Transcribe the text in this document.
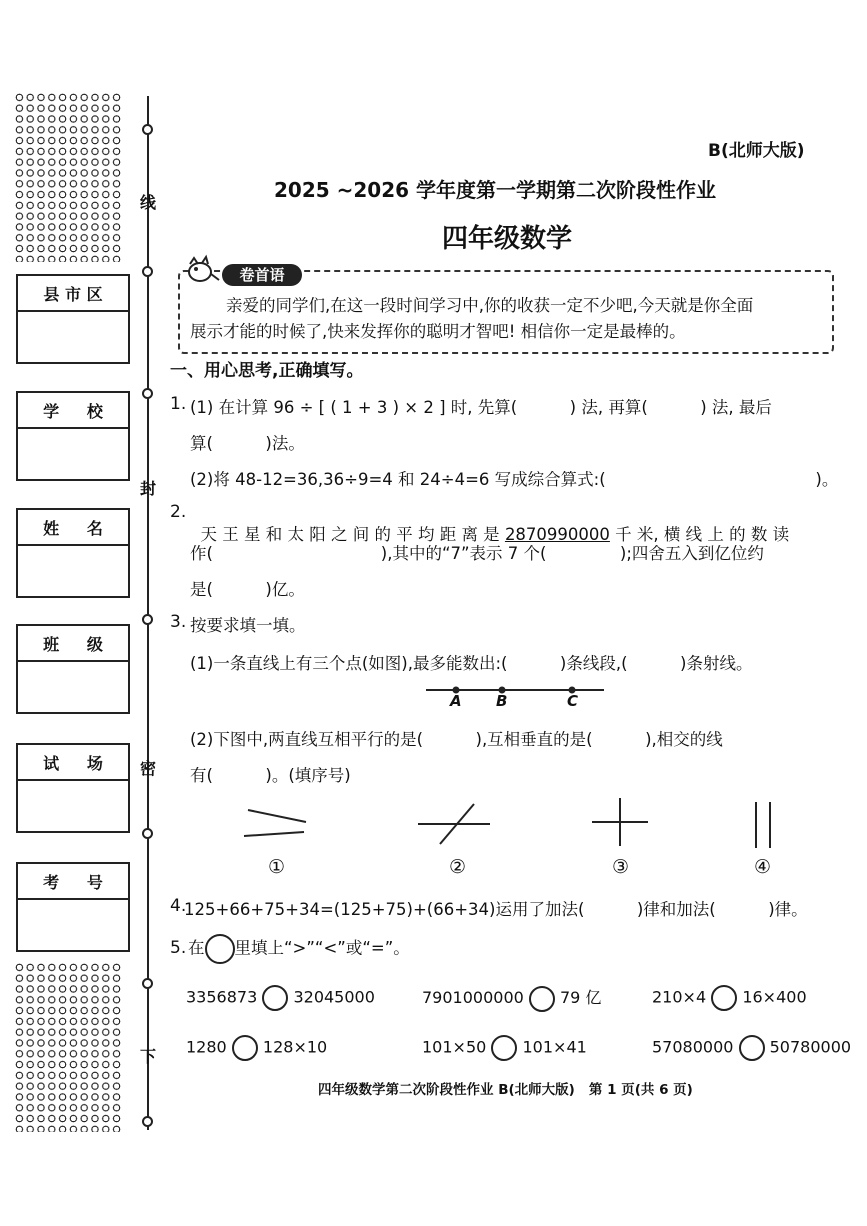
线
封
密
下
县 市 区
学     校
姓     名
班     级
试     场
考     号
B(北师大版)
2025 ~2026 学年度第一学期第二次阶段性作业
四年级数学
卷首语
亲爱的同学们,在这一段时间学习中,你的收获一定不少吧,今天就是你全面
展示才能的时候了,快来发挥你的聪明才智吧! 相信你一定是最棒的。
一、用心思考,正确填写。
1. (1) 在计算 96 ÷ [ ( 1 + 3 ) × 2 ] 时, 先算(          ) 法, 再算(          ) 法, 最后
算(          )法。
(2)将 48-12=36,36÷9=4 和 24÷4=6 写成综合算式:(                                        )。
2.

天 王 星 和 太 阳 之 间 的 平 均 距 离 是 2870990000 千 米, 横 线 上 的 数 读

作(                                ),其中的“7”表示 7 个(              );四舍五入到亿位约
是(          )亿。
3. 按要求填一填。
(1)一条直线上有三个点(如图),最多能数出:(          )条线段,(          )条射线。
A B	C
(2)下图中,两直线互相平行的是(          ),互相垂直的是(          ),相交的线
有(          )。(填序号)
①	②	③	④
4.
125+66+75+34=(125+75)+(66+34)运用了加法(          )律和加法(          )律。
5. 在 里填上“>”“<”或“=”。
3356873 32045000	7901000000 79 亿	210×4 16×400
1280 128×10	101×50 101×41	57080000 50780000
四年级数学第二次阶段性作业 B(北师大版)   第 1 页(共 6 页)
